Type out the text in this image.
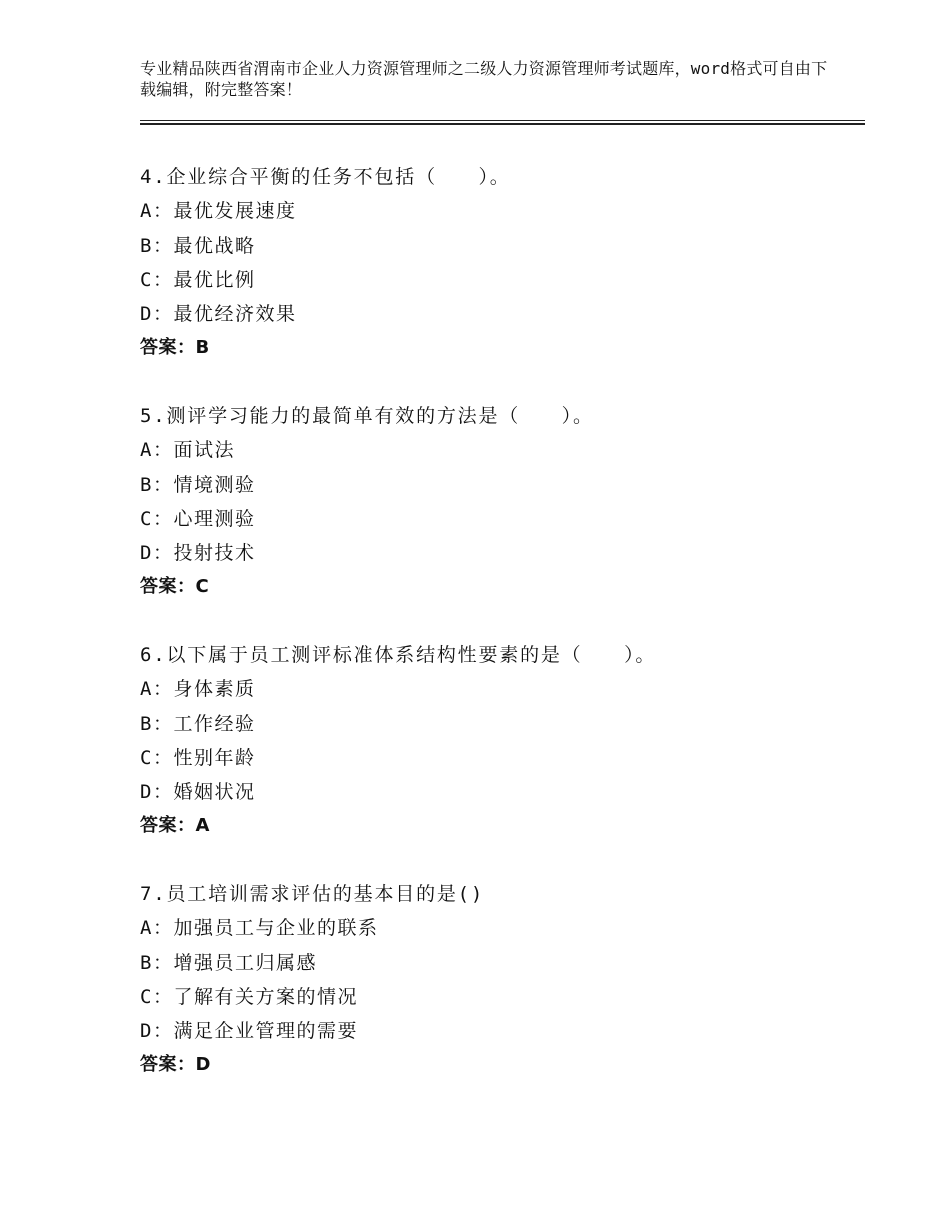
专业精品陕西省渭南市企业人力资源管理师之二级人力资源管理师考试题库，word格式可自由下载编辑，附完整答案！
4.企业综合平衡的任务不包括（　　）。
A：最优发展速度
B：最优战略
C：最优比例
D：最优经济效果
答案：B
5.测评学习能力的最简单有效的方法是（　　）。
A：面试法
B：情境测验
C：心理测验
D：投射技术
答案：C
6.以下属于员工测评标准体系结构性要素的是（　　）。
A：身体素质
B：工作经验
C：性别年龄
D：婚姻状况
答案：A
7.员工培训需求评估的基本目的是()
A：加强员工与企业的联系
B：增强员工归属感
C：了解有关方案的情况
D：满足企业管理的需要
答案：D
